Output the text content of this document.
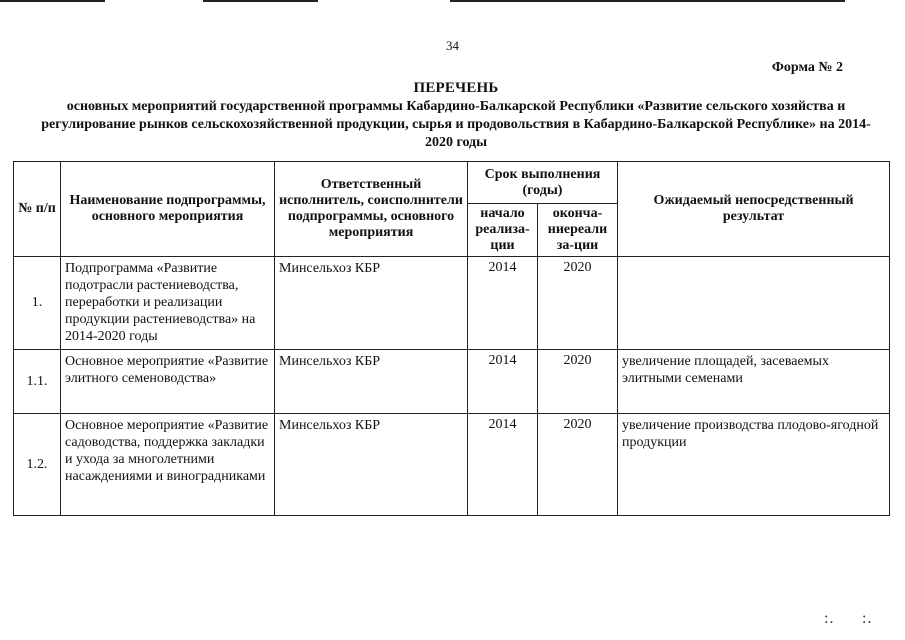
34
Форма № 2
ПЕРЕЧЕНЬ
основных мероприятий государственной программы Кабардино-Балкарской Республики «Развитие сельского хозяйства и регулирование рынков сельскохозяйственной продукции, сырья и продовольствия в Кабардино-Балкарской Республике» на 2014-2020 годы
№ п/п	Наименование подпрограммы, основного мероприятия	Ответственный исполнитель, соисполнители подпрограммы, основного мероприятия	Срок выполнения (годы)		Ожидаемый непосредственный результат
			начало реализа-ции	оконча-ниереали за-ции	
1.	Подпрограмма «Развитие подотрасли растениеводства, переработки и реализации продукции растениеводства» на 2014-2020 годы	Минсельхоз КБР	2014	2020	
1.1.	Основное мероприятие «Развитие элитного семеноводства»	Минсельхоз КБР	2014	2020	увеличение площадей, засеваемых элитными семенами
1.2.	Основное мероприятие «Развитие садоводства, поддержка закладки и ухода за многолетними насаждениями и виноградниками	Минсельхоз КБР	2014	2020	увеличение производства плодово-ягодной продукции
:. :.
